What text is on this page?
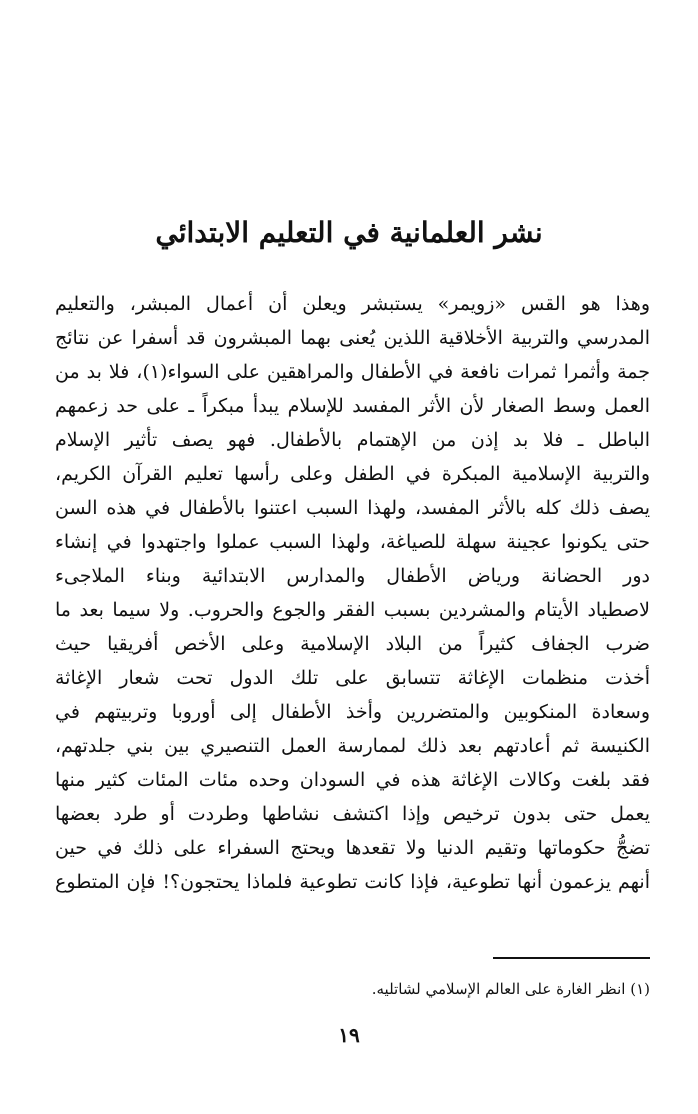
نشر العلمانية في التعليم الابتدائي
وهذا هو القس «زويمر» يستبشر ويعلن أن أعمال المبشر، والتعليم
المدرسي والتربية الأخلاقية اللذين يُعنى بهما المبشرون قد أسفرا عن نتائج
جمة وأثمرا ثمرات نافعة في الأطفال والمراهقين على السواء(١)، فلا بد من
العمل وسط الصغار لأن الأثر المفسد للإسلام يبدأ مبكراً ـ على حد زعمهم
الباطل ـ فلا بد إذن من الإهتمام بالأطفال. فهو يصف تأثير الإسلام
والتربية الإسلامية المبكرة في الطفل وعلى رأسها تعليم القرآن الكريم،
يصف ذلك كله بالأثر المفسد، ولهذا السبب اعتنوا بالأطفال في هذه السن
حتى يكونوا عجينة سهلة للصياغة، ولهذا السبب عملوا واجتهدوا في إنشاء
دور الحضانة ورياض الأطفال والمدارس الابتدائية وبناء الملاجىء
لاصطياد الأيتام والمشردين بسبب الفقر والجوع والحروب. ولا سيما بعد ما
ضرب الجفاف كثيراً من البلاد الإسلامية وعلى الأخص أفريقيا حيث
أخذت منظمات الإغاثة تتسابق على تلك الدول تحت شعار الإغاثة
وسعادة المنكوبين والمتضررين وأخذ الأطفال إلى أوروبا وتربيتهم في
الكنيسة ثم أعادتهم بعد ذلك لممارسة العمل التنصيري بين بني جلدتهم،
فقد بلغت وكالات الإغاثة هذه في السودان وحده مئات المئات كثير منها
يعمل حتى بدون ترخيص وإذا اكتشف نشاطها وطردت أو طرد بعضها
تضجُّ حكوماتها وتقيم الدنيا ولا تقعدها ويحتج السفراء على ذلك في حين
أنهم يزعمون أنها تطوعية، فإذا كانت تطوعية فلماذا يحتجون؟! فإن المتطوع

(١) انظر الغارة على العالم الإسلامي لشاتليه.

١٩
